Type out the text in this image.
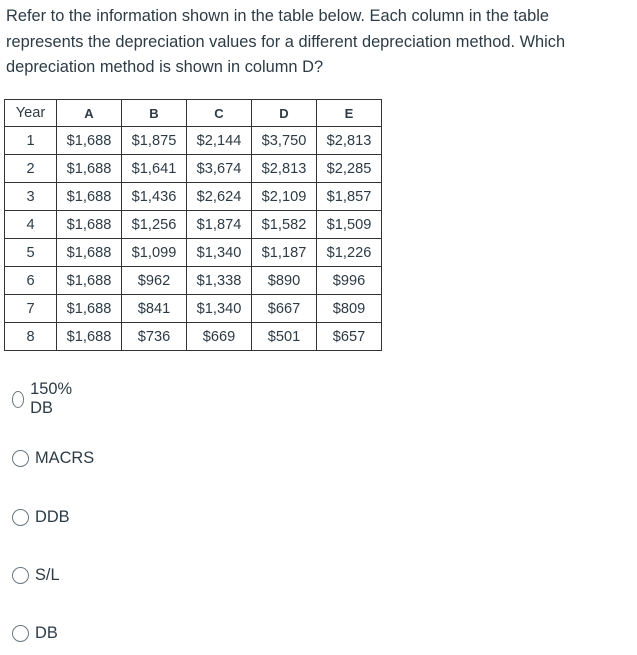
Refer to the information shown in the table below. Each column in the table represents the depreciation values for a different depreciation method. Which depreciation method is shown in column D?
Year	A	B	C	D	E
1	$1,688	$1,875	$2,144	$3,750	$2,813
2	$1,688	$1,641	$3,674	$2,813	$2,285
3	$1,688	$1,436	$2,624	$2,109	$1,857
4	$1,688	$1,256	$1,874	$1,582	$1,509
5	$1,688	$1,099	$1,340	$1,187	$1,226
6	$1,688	$962	$1,338	$890	$996
7	$1,688	$841	$1,340	$667	$809
8	$1,688	$736	$669	$501	$657
150% DB
MACRS
DDB
S/L
DB
